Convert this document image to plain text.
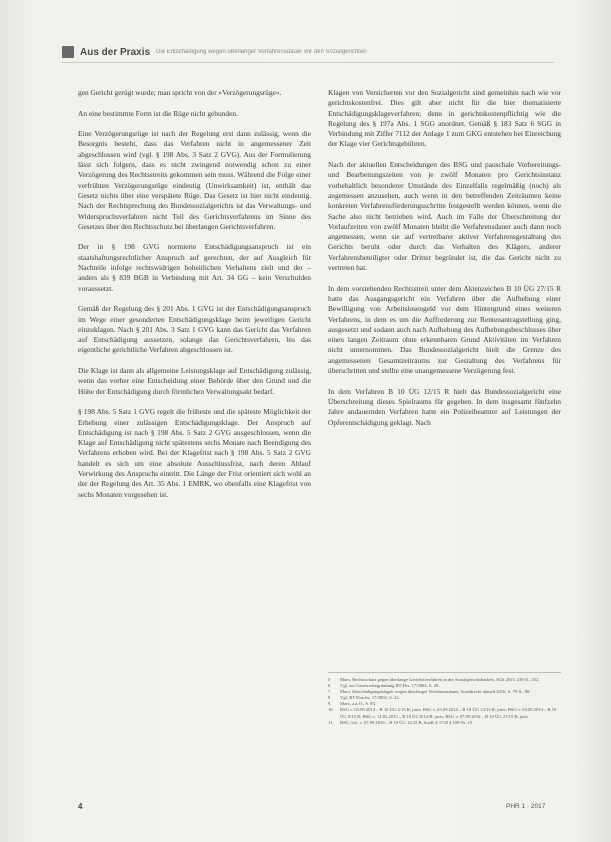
Aus der Praxis Die Entschädigung wegen überlanger Verfahrensdauer vor den Sozialgerichten

gen Gericht gerügt wurde; man spricht von der »Verzögerungsrüge«.

An eine bestimmte Form ist die Rüge nicht gebunden.

Eine Verzögerungsrüge ist nach der Regelung erst dann zulässig, wenn die Besorgnis besteht, dass das Verfahren nicht in angemessener Zeit abgeschlossen wird (vgl. § 198 Abs. 3 Satz 2 GVG). Aus der Formulierung lässt sich folgern, dass es nicht zwingend notwendig schon zu einer Verzögerung des Rechtsstreits gekommen sein muss. Während die Folge einer verfrühten Verzögerungsrüge eindeutig (Unwirksamkeit) ist, enthält das Gesetz nichts über eine verspätete Rüge. Das Gesetz ist hier nicht eindeutig. Nach der Rechtsprechung des Bundessozialgerichts ist das Verwaltungs- und Widerspruchsverfahren nicht Teil des Gerichtsverfahrens im Sinne des Gesetzes über den Rechtsschutz bei überlangen Gerichtsverfahren.

Der in § 198 GVG normierte Entschädigungsanspruch ist ein staatshaftungsrechtlicher Anspruch auf gerechten, der auf Ausgleich für Nachteile infolge rechtswidrigen hoheitlichen Verhaltens zielt und der – anders als § 839 BGB in Verbindung mit Art. 34 GG – kein Verschulden voraussetzt.

Gemäß der Regelung des § 201 Abs. 1 GVG ist der Entschädigungsanspruch im Wege einer gesonderten Entschädigungsklage beim jeweiligen Gericht einzuklagen. Nach § 201 Abs. 3 Satz 1 GVG kann das Gericht das Verfahren auf Entschädigung aussetzen, solange das Gerichtsverfahren, bis das eigentliche gerichtliche Verfahren abgeschlossen ist.

Die Klage ist dann als allgemeine Leistungsklage auf Entschädigung zulässig, wenn das vorher eine Entscheidung einer Behörde über den Grund und die Höhe der Entschädigung durch förmlichen Verwaltungsakt bedarf.

§ 198 Abs. 5 Satz 1 GVG regelt die früheste und die späteste Möglichkeit der Erhebung einer zulässigen Entschädigungsklage. Der Anspruch auf Entschädigung ist nach § 198 Abs. 5 Satz 2 GVG ausgeschlossen, wenn die Klage auf Entschädigung nicht spätestens sechs Monate nach Beendigung des Verfahrens erhoben wird. Bei der Klagefrist nach § 198 Abs. 5 Satz 2 GVG handelt es sich um eine absolute Ausschlussfrist, nach deren Ablauf Verwirkung des Anspruchs eintritt. Die Länge der Frist orientiert sich wohl an der der Regelung des Art. 35 Abs. 1 EMRK, wo ebenfalls eine Klagefrist von sechs Monaten vorgesehen ist.

Klagen von Versicherten vor den Sozialgericht sind gemeinhin nach wie vor gerichtskostenfrei. Dies gilt aber nicht für die hier thematisierte Entschädigungsklageverfahren; denn in gerichtskostenpflichtig wie die Regelung des § 197a Abs. 1 SGG anordnet. Gemäß § 183 Satz 6 SGG in Verbindung mit Ziffer 7112 der Anlage 1 zum GKG entstehen bei Einreichung der Klage vier Gerichtsgebühren.

Nach der aktuellen Entscheidungen des BSG und pauschale Vorbereitungs- und Bearbeitungszeiten von je zwölf Monaten pro Gerichtsinstanz vorbehaltlich besonderer Umstände des Einzelfalls regelmäßig (noch) als angemessen anzusehen, auch wenn in den betreffenden Zeiträumen keine konkreten Verfahrensförderungsschritte festgestellt werden können, wenn die Sache also nicht betrieben wird. Auch im Falle der Überschreitung der Vorlaufzeiten von zwölf Monaten bleibt die Verfahrensdauer auch dann noch angemessen, wenn sie auf vertretbarer aktiver Verfahrensgestaltung des Gerichts beruht oder durch das Verhalten des Klägers, anderer Verfahrensbeteiligter oder Dritter begründet ist, die das Gericht nicht zu vertreten hat.

In dem vorstehenden Rechtsstreit unter dem Aktenzeichen B 10 ÜG 27/15 R hatte das Ausgangsgericht ein Verfahren über die Aufhebung einer Bewilligung von Arbeitslosengeld vor dem Hintergrund eines weiteren Verfahrens, in dem es um die Aufforderung zur Rentenantragstellung ging, ausgesetzt und sodann auch nach Aufhebung des Aufhebungsbeschlusses über einen langen Zeitraum ohne erkennbaren Grund Aktivitäten im Verfahren nicht unternommen. Das Bundessozialgericht hielt die Grenze des angemessenen Gesamtzeitraums zur Gestaltung des Verfahrens für überschritten und stellte eine unangemessene Verzögerung fest.

In dem Verfahren B 10 ÜG 12/15 R hielt das Bundessozialgericht eine Überschreitung dieses Spielraums für gegeben. In dem insgesamt fünfzehn Jahre andauernden Verfahren hatte ein Polizeibeamter auf Leistungen der Opferentschädigung geklagt. Nach

5	Marx, Rechtsschutz gegen überlange Gerichtsverfahren in der Sozialgerichtsbarkeit, SGb 2013, 249 ff., 252.
6	Vgl. zur Gesetzesbegründung BT-Drs. 17/3802, S. 20.
7	Marx, Entschädigungsklagen wegen überlanger Verfahrensdauer, Sozialrecht aktuell 2016, S. 79 ff., 80.
8	Vgl. BT-Drucks. 17/3802, S. 22.
9	Marx, a.a.O., S. 83.
10	BSG v. 03.09.2014 – B 10 ÜG 2/13 R; juris; BSG v. 03.09.2014 – B 10 ÜG 12/13 R; juris; BSG v. 03.09.2014 – B 10 ÜG 9/13 R; BSG v. 12.02.2015 – B 10 ÜG 8/14 R; juris; BSG v. 07.09.2016 – B 10 ÜG 27/15 R; juris.
11	BSG, Urt. v. 07.09.2016 – B 10 ÜG 12/15 R, SozR 4-1720 § 198 Nr. 15.
4	PHR 1 · 2017
